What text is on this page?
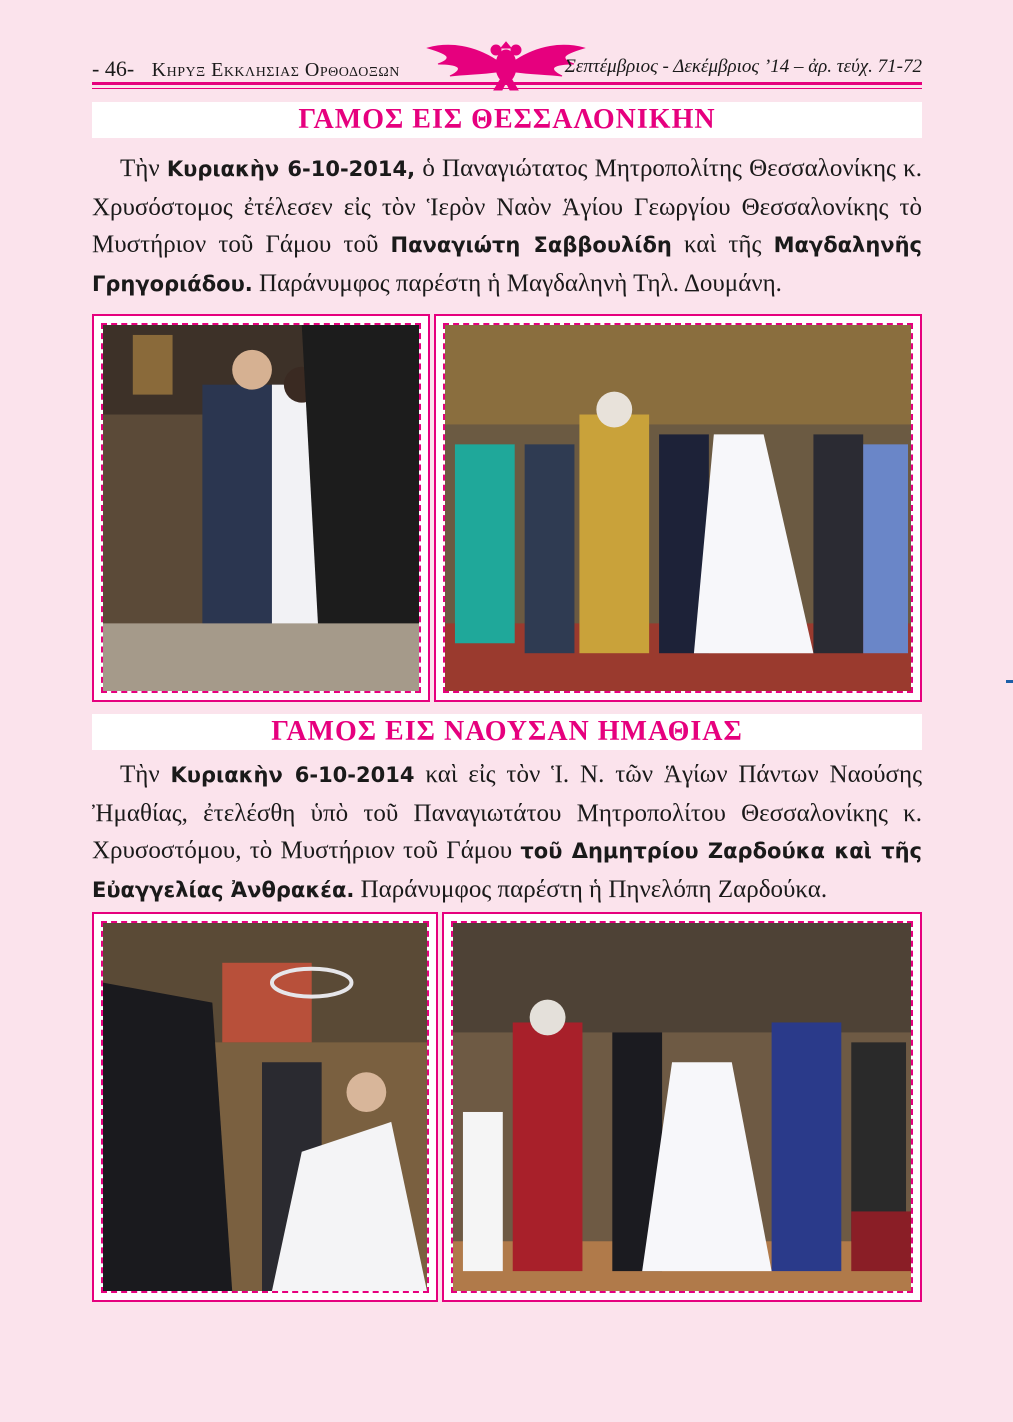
- 46- Κηρυξ Εκκλησιας Ορθοδοξων	Σεπτέμβριος - Δεκέμβριος ’14 – ἀρ. τεύχ. 71-72
ΓΑΜΟΣ ΕΙΣ ΘΕΣΣΑΛΟΝΙΚΗΝ

Τὴν Κυριακὴν 6-10-2014, ὁ Παναγιώτατος Μητροπολίτης Θεσσαλονίκης κ. Χρυσόστομος ἐτέλεσεν εἰς τὸν Ἱερὸν Ναὸν Ἁγίου Γεωργίου Θεσσαλονίκης τὸ Μυστήριον τοῦ Γάμου τοῦ Παναγιώτη Σαββουλίδη καὶ τῆς Μαγδαληνῆς Γρηγοριάδου. Παράνυμφος παρέστη ἡ Μαγδαληνὴ Τηλ. Δουμάνη.

ΓΑΜΟΣ ΕΙΣ ΝΑΟΥΣΑΝ ΗΜΑΘΙΑΣ

Τὴν Κυριακὴν 6-10-2014 καὶ εἰς τὸν Ἱ. Ν. τῶν Ἁγίων Πάντων Ναούσης Ἠμαθίας, ἐτελέσθη ὑπὸ τοῦ Παναγιωτάτου Μητροπολίτου Θεσσαλονίκης κ. Χρυσοστόμου, τὸ Μυστήριον τοῦ Γάμου τοῦ Δημητρίου Ζαρδούκα καὶ τῆς Εὐαγγελίας Ἀνθρακέα. Παράνυμφος παρέστη ἡ Πηνελόπη Ζαρδούκα.
